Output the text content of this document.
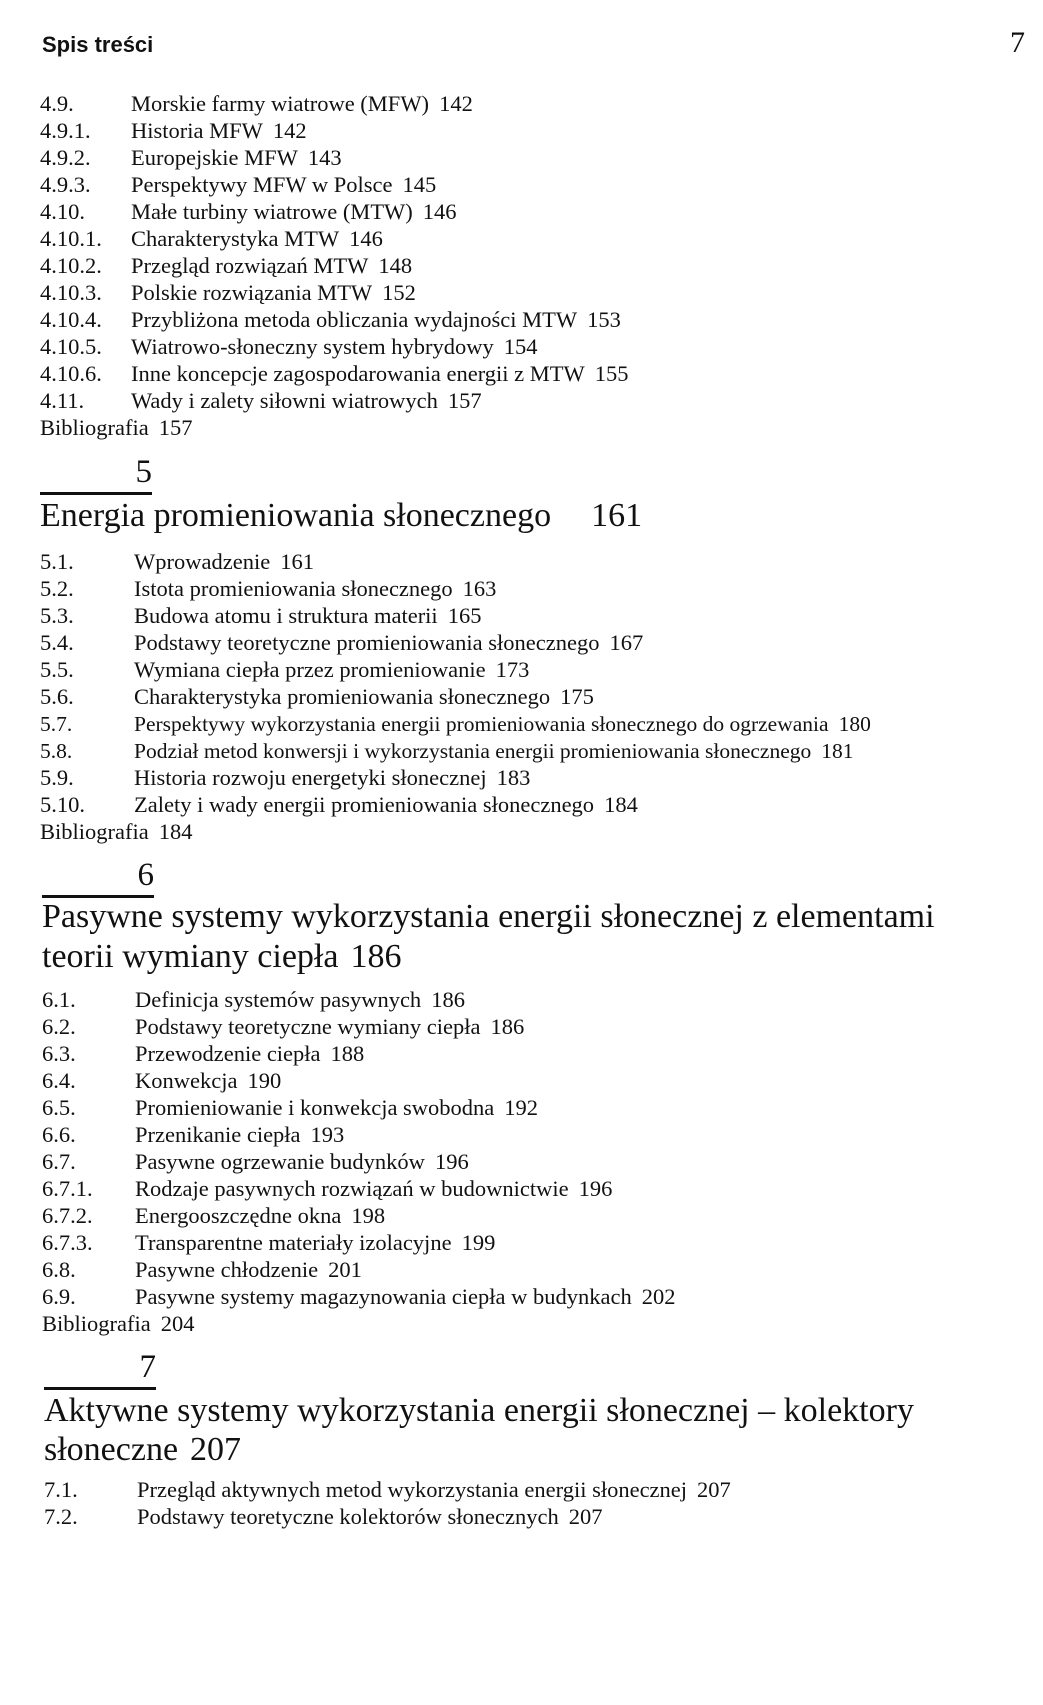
Spis treści	7
4.9.	Morskie farmy wiatrowe (MFW) 142
4.9.1. Historia MFW 142
4.9.2. Europejskie MFW 143
4.9.3. Perspektywy MFW w Polsce 145
4.10. Małe turbiny wiatrowe (MTW) 146
4.10.1. Charakterystyka MTW 146
4.10.2. Przegląd rozwiązań MTW 148
4.10.3. Polskie rozwiązania MTW 152
4.10.4. Przybliżona metoda obliczania wydajności MTW 153
4.10.5. Wiatrowo-słoneczny system hybrydowy 154
4.10.6. Inne koncepcje zagospodarowania energii z MTW 155
4.11. Wady i zalety siłowni wiatrowych 157
Bibliografia 157
5
Energia promieniowania słonecznego 161
5.1.	Wprowadzenie 161
5.2.	Istota promieniowania słonecznego 163
5.3.	Budowa atomu i struktura materii 165
5.4.	Podstawy teoretyczne promieniowania słonecznego 167
5.5.	Wymiana ciepła przez promieniowanie 173
5.6.	Charakterystyka promieniowania słonecznego 175
5.7.	Perspektywy wykorzystania energii promieniowania słonecznego do ogrzewania 180
5.8.	Podział metod konwersji i wykorzystania energii promieniowania słonecznego 181
5.9.	Historia rozwoju energetyki słonecznej 183
5.10. Zalety i wady energii promieniowania słonecznego 184
Bibliografia 184
6
Pasywne systemy wykorzystania energii słonecznej z elementami
teorii wymiany ciepła 186
6.1.	Definicja systemów pasywnych 186
6.2.	Podstawy teoretyczne wymiany ciepła 186
6.3.	Przewodzenie ciepła 188
6.4.	Konwekcja 190
6.5.	Promieniowanie i konwekcja swobodna 192
6.6.	Przenikanie ciepła 193
6.7.	Pasywne ogrzewanie budynków 196
6.7.1. Rodzaje pasywnych rozwiązań w budownictwie 196
6.7.2. Energooszczędne okna 198
6.7.3. Transparentne materiały izolacyjne 199
6.8.	Pasywne chłodzenie 201
6.9.	Pasywne systemy magazynowania ciepła w budynkach 202
Bibliografia 204
7
Aktywne systemy wykorzystania energii słonecznej – kolektory
słoneczne 207
7.1.	Przegląd aktywnych metod wykorzystania energii słonecznej 207
7.2.	Podstawy teoretyczne kolektorów słonecznych 207
